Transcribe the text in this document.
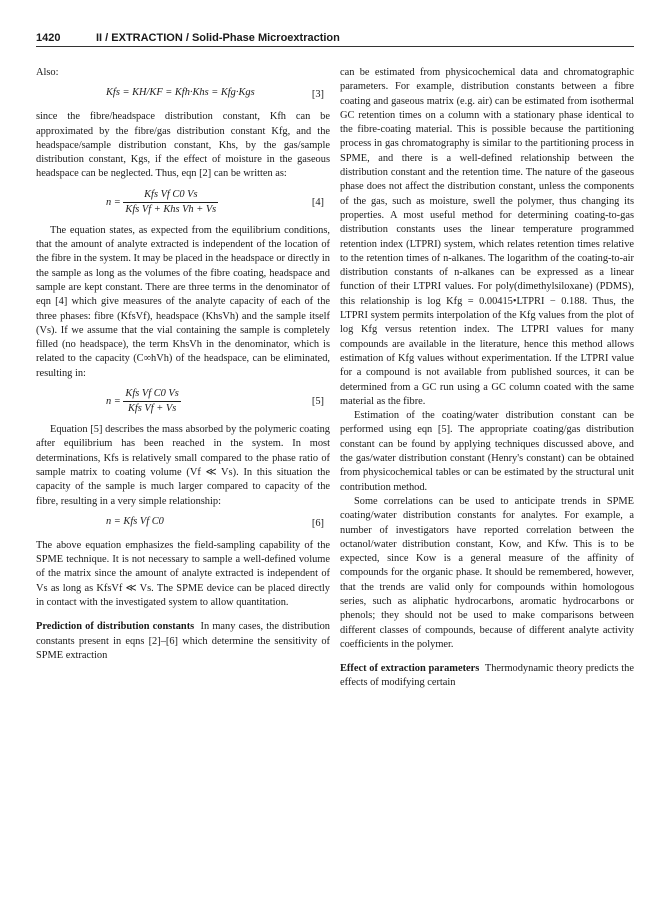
1420	II / EXTRACTION / Solid-Phase Microextraction

Also:

Kfs = KH/KF = Kfh·Khs = Kfg·Kgs	[3]

since the fibre/headspace distribution constant, Kfh can be approximated by the fibre/gas distribution constant Kfg, and the headspace/sample distribution constant, Khs, by the gas/sample distribution constant, Kgs, if the effect of moisture in the gaseous headspace can be neglected. Thus, eqn [2] can be written as:

$n = \frac{\text{Kfs Vf C0 Vs}}{\text{Kfs Vf + Khs Vh + Vs}}$	[4]

The equation states, as expected from the equilibrium conditions, that the amount of analyte extracted is independent of the location of the fibre in the system. It may be placed in the headspace or directly in the sample as long as the volumes of the fibre coating, headspace and sample are kept constant. There are three terms in the denominator of eqn [4] which give measures of the analyte capacity of each of the three phases: fibre (KfsVf), headspace (KhsVh) and the sample itself (Vs). If we assume that the vial containing the sample is completely filled (no headspace), the term KhsVh in the denominator, which is related to the capacity (C∞hVh) of the headspace, can be eliminated, resulting in:

$n = \frac{\text{Kfs Vf C0 Vs}}{\text{Kfs Vf + Vs}}$	[5]

Equation [5] describes the mass absorbed by the polymeric coating after equilibrium has been reached in the system. In most determinations, Kfs is relatively small compared to the phase ratio of sample matrix to coating volume (Vf ≪ Vs). In this situation the capacity of the sample is much larger compared to capacity of the fibre, resulting in a very simple relationship:

n = Kfs Vf C0	[6]

The above equation emphasizes the field-sampling capability of the SPME technique. It is not necessary to sample a well-defined volume of the matrix since the amount of analyte extracted is independent of Vs as long as KfsVf ≪ Vs. The SPME device can be placed directly in contact with the investigated system to allow quantitation.

Prediction of distribution constants In many cases, the distribution constants present in eqns [2]–[6] which determine the sensitivity of SPME extraction

can be estimated from physicochemical data and chromatographic parameters. For example, distribution constants between a fibre coating and gaseous matrix (e.g. air) can be estimated from isothermal GC retention times on a column with a stationary phase identical to the fibre-coating material. This is possible because the partitioning process in gas chromatography is similar to the partitioning process in SPME, and there is a well-defined relationship between the distribution constant and the retention time. The nature of the gaseous phase does not affect the distribution constant, unless the components of the gas, such as moisture, swell the polymer, thus changing its properties. A most useful method for determining coating-to-gas distribution constants uses the linear temperature programmed retention index (LTPRI) system, which relates retention times relative to the retention times of n-alkanes. The logarithm of the coating-to-air distribution constants of n-alkanes can be expressed as a linear function of their LTPRI values. For poly(dimethylsiloxane) (PDMS), this relationship is log Kfg = 0.00415•LTPRI − 0.188. Thus, the LTPRI system permits interpolation of the Kfg values from the plot of log Kfg versus retention index. The LTPRI values for many compounds are available in the literature, hence this method allows estimation of Kfg values without experimentation. If the LTPRI value for a compound is not available from published sources, it can be determined from a GC run using a GC column coated with the same material as the fibre.

Estimation of the coating/water distribution constant can be performed using eqn [5]. The appropriate coating/gas distribution constant can be found by applying techniques discussed above, and the gas/water distribution constant (Henry's constant) can be obtained from physicochemical tables or can be estimated by the structural unit contribution method.

Some correlations can be used to anticipate trends in SPME coating/water distribution constants for analytes. For example, a number of investigators have reported correlation between the octanol/water distribution constant, Kow, and Kfw. This is to be expected, since Kow is a general measure of the affinity of compounds for the organic phase. It should be remembered, however, that the trends are valid only for compounds within homologous series, such as aliphatic hydrocarbons, aromatic hydrocarbons or phenols; they should not be used to make comparisons between different classes of compounds, because of different analyte activity coefficients in the polymer.

Effect of extraction parameters Thermodynamic theory predicts the effects of modifying certain
